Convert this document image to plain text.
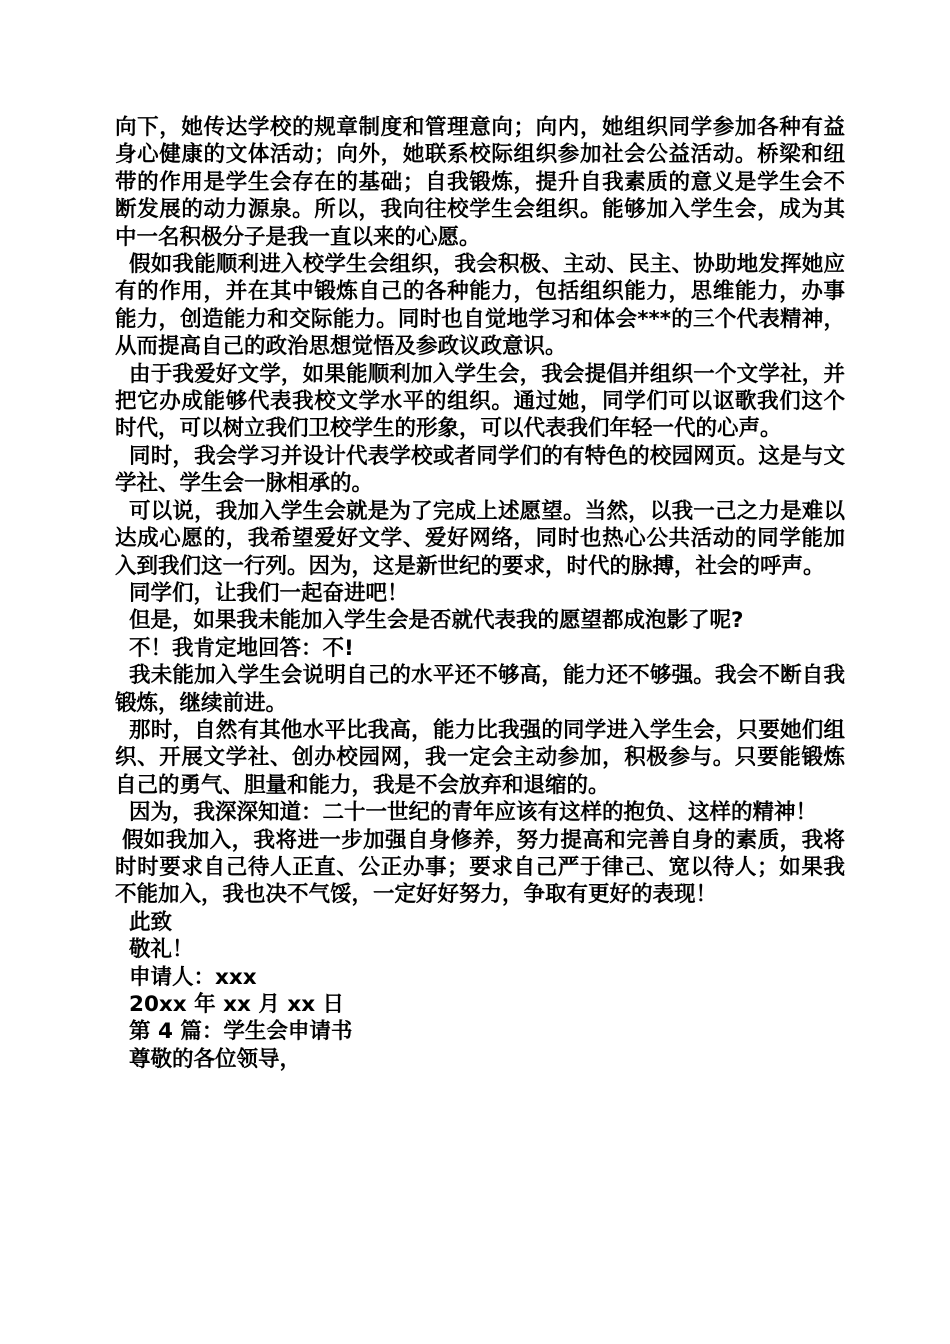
向下，她传达学校的规章制度和管理意向；向内，她组织同学参加各种有益身心健康的文体活动；向外，她联系校际组织参加社会公益活动。桥梁和纽带的作用是学生会存在的基础；自我锻炼，提升自我素质的意义是学生会不断发展的动力源泉。所以，我向往校学生会组织。能够加入学生会，成为其中一名积极分子是我一直以来的心愿。

假如我能顺利进入校学生会组织，我会积极、主动、民主、协助地发挥她应有的作用，并在其中锻炼自己的各种能力，包括组织能力，思维能力，办事能力，创造能力和交际能力。同时也自觉地学习和体会***的三个代表精神，从而提高自己的政治思想觉悟及参政议政意识。

由于我爱好文学，如果能顺利加入学生会，我会提倡并组织一个文学社，并把它办成能够代表我校文学水平的组织。通过她，同学们可以讴歌我们这个时代，可以树立我们卫校学生的形象，可以代表我们年轻一代的心声。

同时，我会学习并设计代表学校或者同学们的有特色的校园网页。这是与文学社、学生会一脉相承的。

可以说，我加入学生会就是为了完成上述愿望。当然，以我一己之力是难以达成心愿的，我希望爱好文学、爱好网络，同时也热心公共活动的同学能加入到我们这一行列。因为，这是新世纪的要求，时代的脉搏，社会的呼声。

同学们，让我们一起奋进吧！

但是，如果我未能加入学生会是否就代表我的愿望都成泡影了呢?

不！我肯定地回答：不!

我未能加入学生会说明自己的水平还不够高，能力还不够强。我会不断自我锻炼，继续前进。

那时，自然有其他水平比我高，能力比我强的同学进入学生会，只要她们组织、开展文学社、创办校园网，我一定会主动参加，积极参与。只要能锻炼自己的勇气、胆量和能力，我是不会放弃和退缩的。

因为，我深深知道：二十一世纪的青年应该有这样的抱负、这样的精神！

假如我加入，我将进一步加强自身修养，努力提高和完善自身的素质，我将时时要求自己待人正直、公正办事；要求自己严于律己、宽以待人；如果我不能加入，我也决不气馁，一定好好努力，争取有更好的表现！

此致

敬礼！

申请人：xxx

20xx 年 xx 月 xx 日

第 4 篇：学生会申请书

尊敬的各位领导，
